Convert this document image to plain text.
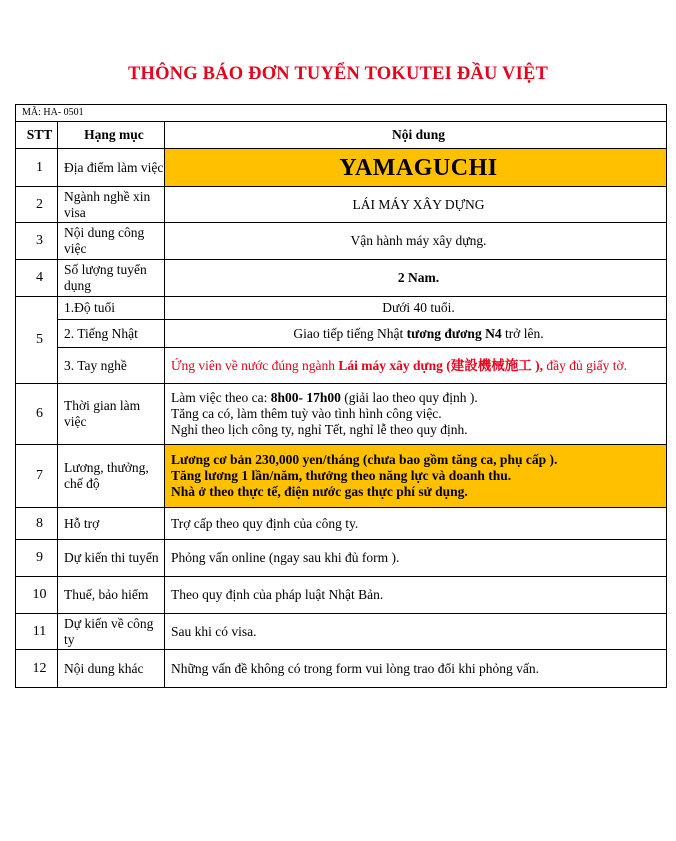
THÔNG BÁO ĐƠN TUYỂN TOKUTEI ĐẦU VIỆT
MÃ: HA- 0501		
STT	Hạng mục	Nội dung
1	Địa điểm làm việc	YAMAGUCHI
2	Ngành nghề xin visa	LÁI MÁY XÂY DỰNG
3	Nội dung công việc	Vận hành máy xây dựng.
4	Số lượng tuyển dụng	2 Nam.
5	1.Độ tuổi	Dưới 40 tuổi.
	2. Tiếng Nhật	Giao tiếp tiếng Nhật tương đương N4 trở lên.
	3. Tay nghề	Ứng viên về nước đúng ngành Lái máy xây dựng (建設機械施工 ), đầy đủ giấy tờ.
6	Thời gian làm việc	Làm việc theo ca: 8h00- 17h00 (giải lao theo quy định ).
Tăng ca có, làm thêm tuỳ vào tình hình công việc.
Nghỉ theo lịch công ty, nghỉ Tết, nghỉ lễ theo quy định.

7	Lương, thưởng, chế độ	Lương cơ bản 230,000 yen/tháng (chưa bao gồm tăng ca, phụ cấp ).
Tăng lương 1 lần/năm, thưởng theo năng lực và doanh thu.
Nhà ở theo thực tế, điện nước gas thực phí sử dụng.

8	Hỗ trợ	Trợ cấp theo quy định của công ty.
9	Dự kiến thi tuyển	Phỏng vấn online (ngay sau khi đủ form ).
10	Thuế, bảo hiểm	Theo quy định của pháp luật Nhật Bản.
11	Dự kiến về công ty	Sau khi có visa.
12	Nội dung khác	Những vấn đề không có trong form vui lòng trao đổi khi phỏng vấn.
